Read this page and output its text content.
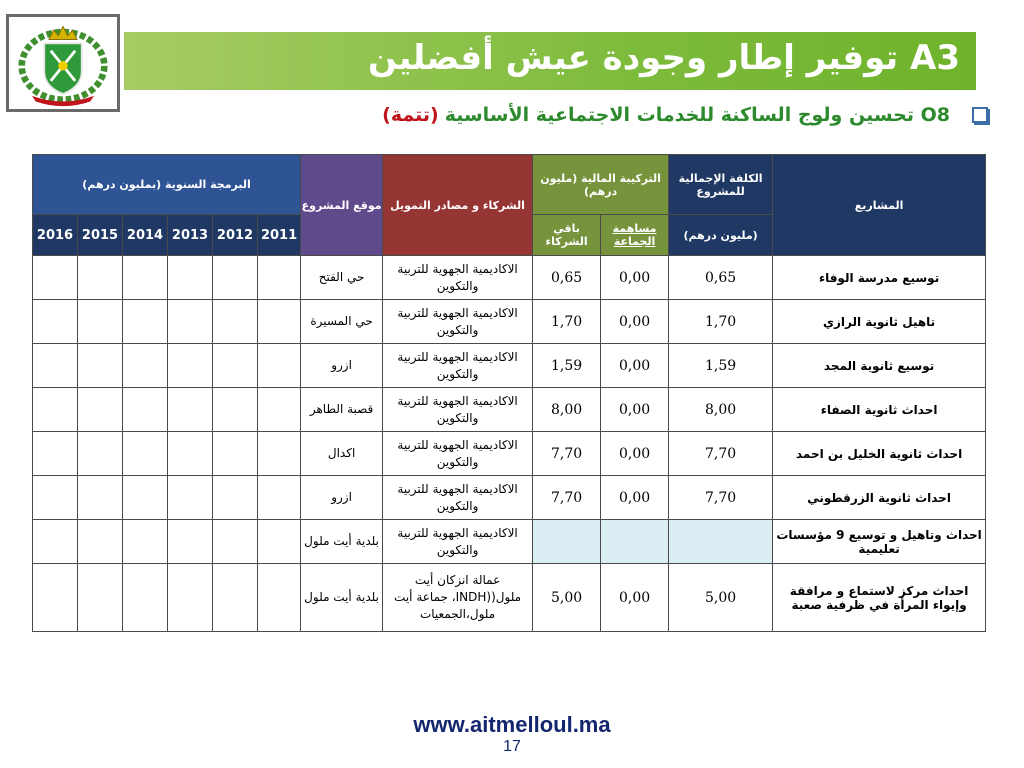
A3 توفير إطار وجودة عيش أفضلين
O8 تحسين ولوج الساكنة للخدمات الاجتماعية الأساسية
(تتمة)
البرمجة السنوية (بمليون درهم)						موقع المشروع	الشركاء و مصادر التمويل	التركيبة المالية (مليون درهم)		الكلفة الإجمالية للمشروع	المشاريع
2016	2015	2014	2013	2012	2011			باقي الشركاء	مساهمة الجماعة	(مليون درهم)	
						حي الفتح	الاكاديمية الجهوية للتربية والتكوين	0,65	0,00	0,65	توسيع مدرسة الوفاء
						حي المسيرة	الاكاديمية الجهوية للتربية والتكوين	1,70	0,00	1,70	تاهيل ثانوية الرازي
						ازرو	الاكاديمية الجهوية للتربية والتكوين	1,59	0,00	1,59	توسيع ثانوية المجد
						قصبة الطاهر	الاكاديمية الجهوية للتربية والتكوين	8,00	0,00	8,00	احداث ثانوية الصفاء
						اكدال	الاكاديمية الجهوية للتربية والتكوين	7,70	0,00	7,70	احداث ثانوية الخليل بن احمد
						ازرو	الاكاديمية الجهوية للتربية والتكوين	7,70	0,00	7,70	احداث ثانوية الزرقطوني
						بلدية أيت ملول	الاكاديمية الجهوية للتربية والتكوين				احداث وتاهيل و توسيع 9 مؤسسات تعليمية
						بلدية أيت ملول	عمالة انزكان أيت ملول((INDH، جماعة أيت ملول،الجمعيات	5,00	0,00	5,00	احداث مركز لاستماع و مرافقة وإيواء المرأة في ظرفية صعبة
www.aitmelloul.ma
17
